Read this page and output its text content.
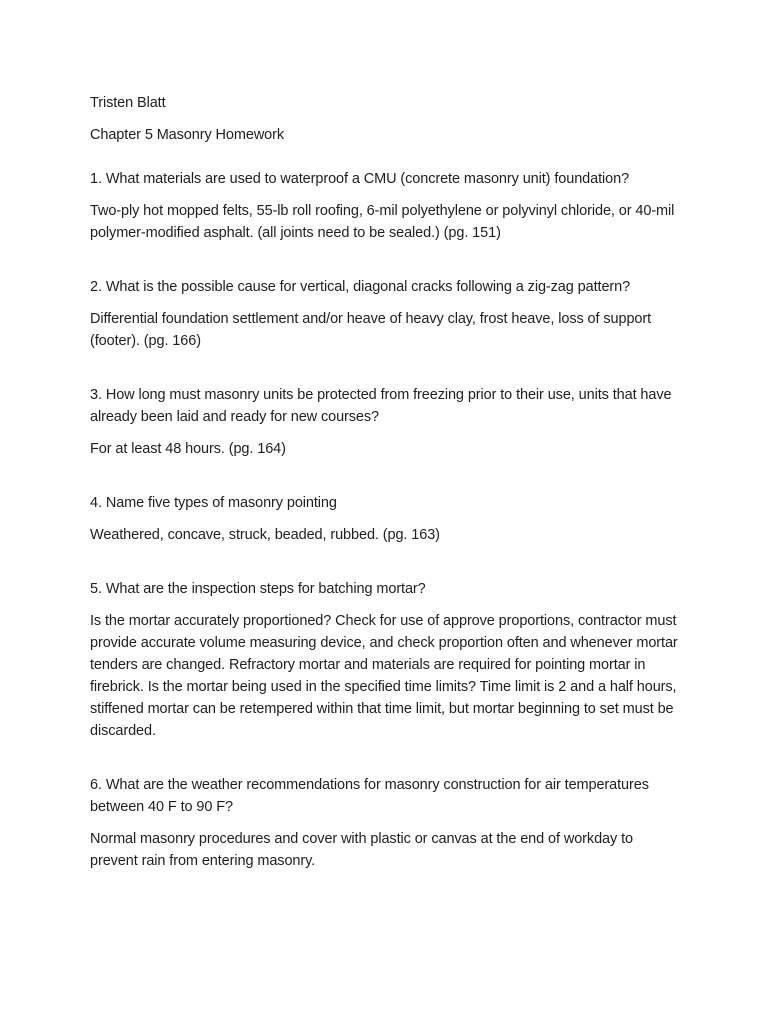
Tristen Blatt

Chapter 5 Masonry Homework

1. What materials are used to waterproof a CMU (concrete masonry unit) foundation?

Two-ply hot mopped felts, 55-lb roll roofing, 6-mil polyethylene or polyvinyl chloride, or 40-mil polymer-modified asphalt. (all joints need to be sealed.) (pg. 151)

2. What is the possible cause for vertical, diagonal cracks following a zig-zag pattern?

Differential foundation settlement and/or heave of heavy clay, frost heave, loss of support (footer). (pg. 166)

3. How long must masonry units be protected from freezing prior to their use, units that have already been laid and ready for new courses?

For at least 48 hours. (pg. 164)

4. Name five types of masonry pointing

Weathered, concave, struck, beaded, rubbed. (pg. 163)

5. What are the inspection steps for batching mortar?

Is the mortar accurately proportioned? Check for use of approve proportions, contractor must provide accurate volume measuring device, and check proportion often and whenever mortar tenders are changed. Refractory mortar and materials are required for pointing mortar in firebrick. Is the mortar being used in the specified time limits? Time limit is 2 and a half hours, stiffened mortar can be retempered within that time limit, but mortar beginning to set must be discarded.

6. What are the weather recommendations for masonry construction for air temperatures between 40 F to 90 F?

Normal masonry procedures and cover with plastic or canvas at the end of workday to prevent rain from entering masonry.
